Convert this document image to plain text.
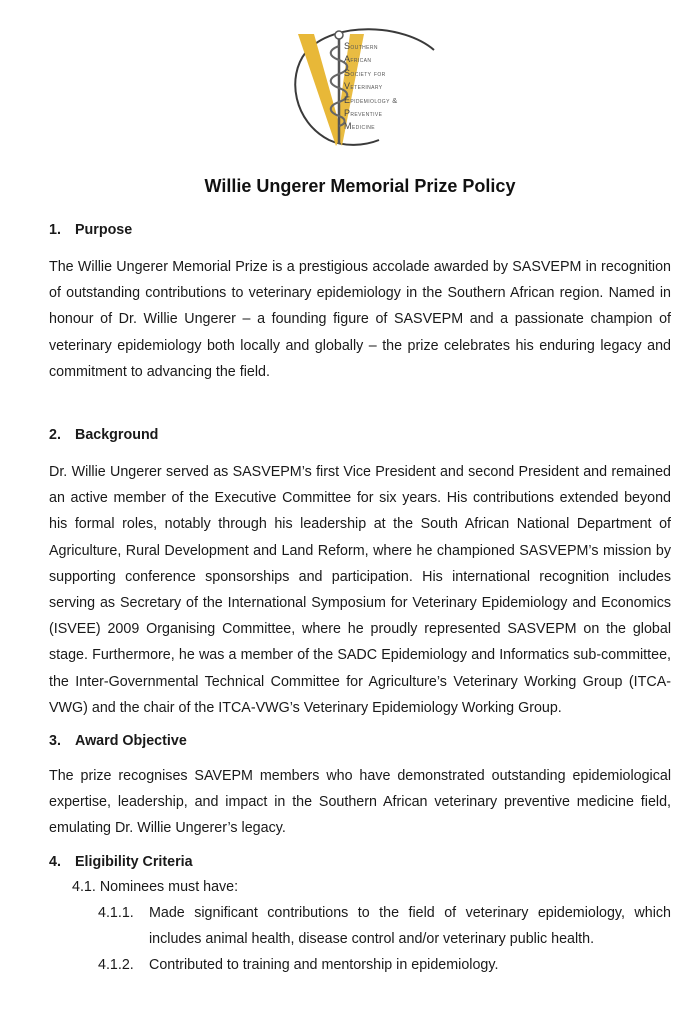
Southern
African
Society for
Veterinary
Epidemiology &
Preventive
Medicine
Willie Ungerer Memorial Prize Policy
1. Purpose

The Willie Ungerer Memorial Prize is a prestigious accolade awarded by SASVEPM in recognition of outstanding contributions to veterinary epidemiology in the Southern African region. Named in honour of Dr. Willie Ungerer – a founding figure of SASVEPM and a passionate champion of veterinary epidemiology both locally and globally – the prize celebrates his enduring legacy and commitment to advancing the field.

2. Background

Dr. Willie Ungerer served as SASVEPM’s first Vice President and second President and remained an active member of the Executive Committee for six years. His contributions extended beyond his formal roles, notably through his leadership at the South African National Department of Agriculture, Rural Development and Land Reform, where he championed SASVEPM’s mission by supporting conference sponsorships and participation. His international recognition includes serving as Secretary of the International Symposium for Veterinary Epidemiology and Economics (ISVEE) 2009 Organising Committee, where he proudly represented SASVEPM on the global stage. Furthermore, he was a member of the SADC Epidemiology and Informatics sub-committee, the Inter-Governmental Technical Committee for Agriculture’s Veterinary Working Group (ITCA-VWG) and the chair of the ITCA-VWG’s Veterinary Epidemiology Working Group.

3. Award Objective

The prize recognises SAVEPM members who have demonstrated outstanding epidemiological expertise, leadership, and impact in the Southern African veterinary preventive medicine field, emulating Dr. Willie Ungerer’s legacy.

4. Eligibility Criteria
4.1. Nominees must have:
4.1.1.	Made significant contributions to the field of veterinary epidemiology, which includes animal health, disease control and/or veterinary public health.
4.1.2.	Contributed to training and mentorship in epidemiology.
